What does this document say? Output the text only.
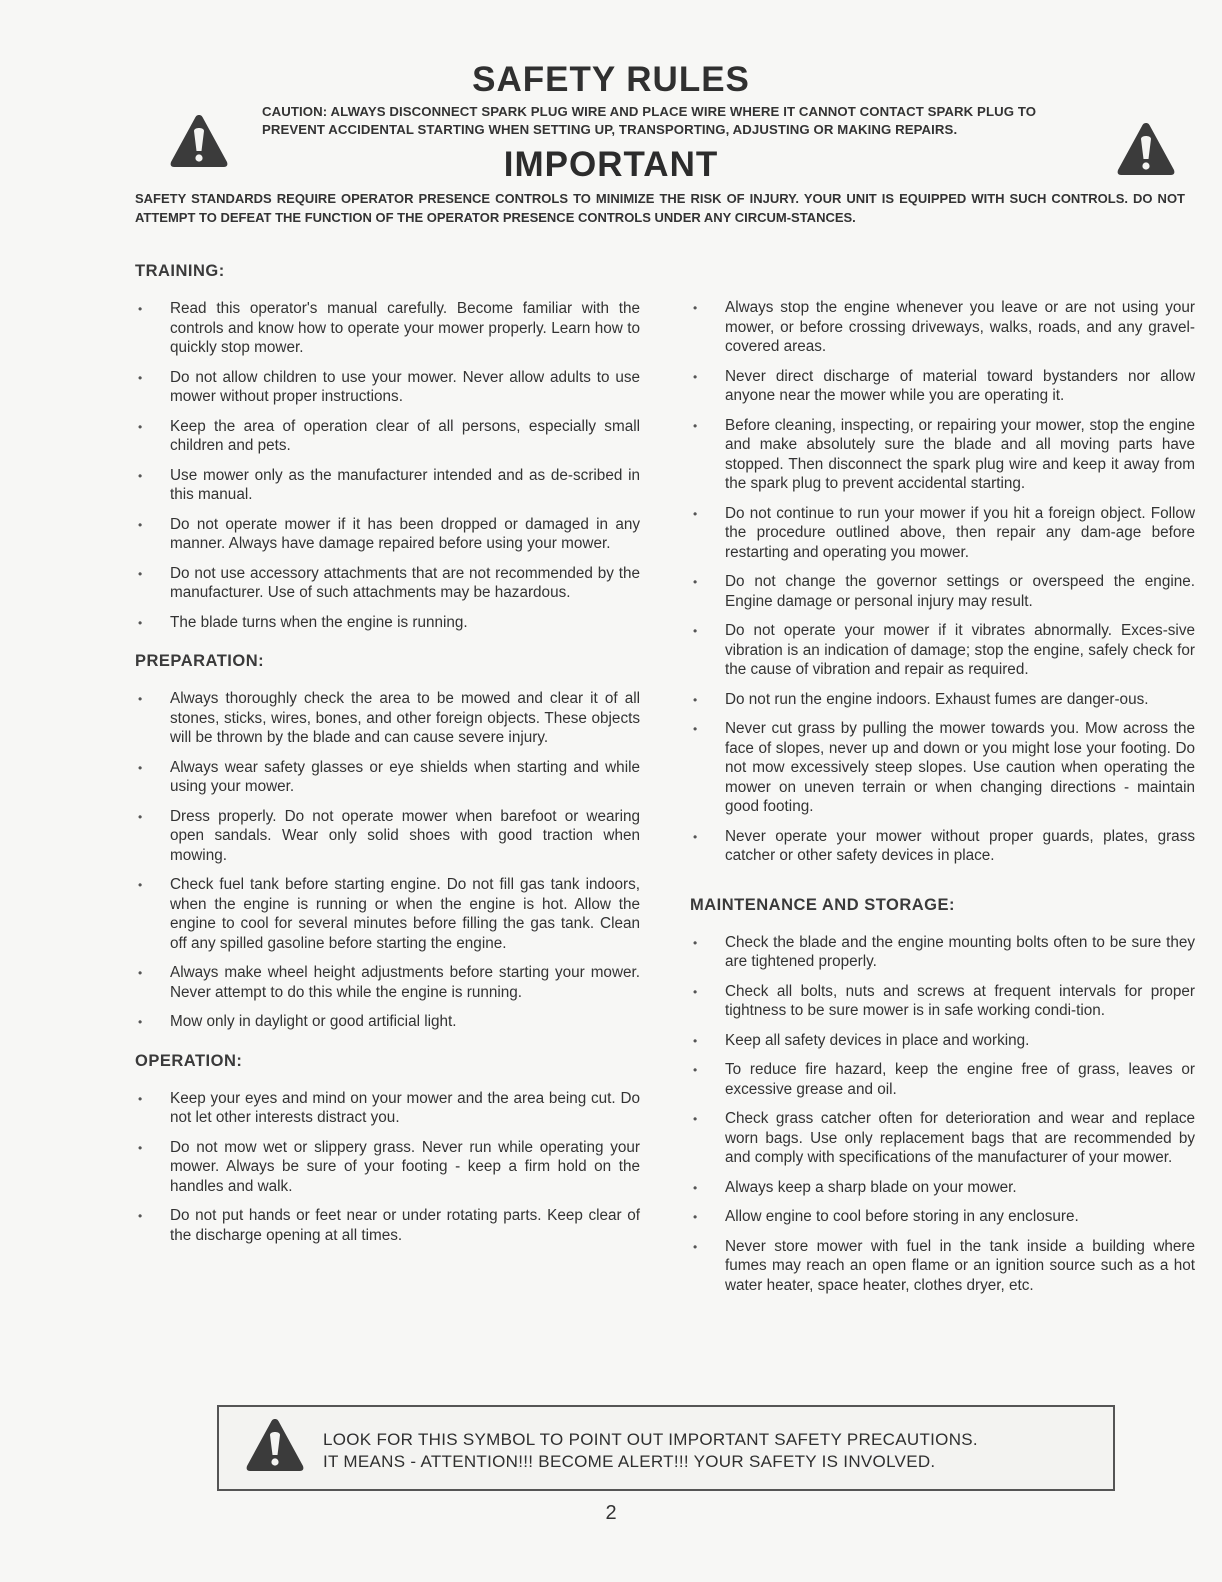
SAFETY RULES

CAUTION: ALWAYS DISCONNECT SPARK PLUG WIRE AND PLACE WIRE WHERE IT CANNOT CONTACT SPARK PLUG TO PREVENT ACCIDENTAL STARTING WHEN SETTING UP, TRANSPORTING, ADJUSTING OR MAKING REPAIRS.

IMPORTANT

SAFETY STANDARDS REQUIRE OPERATOR PRESENCE CONTROLS TO MINIMIZE THE RISK OF INJURY. YOUR UNIT IS EQUIPPED WITH SUCH CONTROLS. DO NOT ATTEMPT TO DEFEAT THE FUNCTION OF THE OPERATOR PRESENCE CONTROLS UNDER ANY CIRCUM-STANCES.

TRAINING:
• Read this operator's manual carefully. Become familiar with the controls and know how to operate your mower properly. Learn how to quickly stop mower.
• Do not allow children to use your mower. Never allow adults to use mower without proper instructions.
• Keep the area of operation clear of all persons, especially small children and pets.
• Use mower only as the manufacturer intended and as de-scribed in this manual.
• Do not operate mower if it has been dropped or damaged in any manner. Always have damage repaired before using your mower.
• Do not use accessory attachments that are not recommended by the manufacturer. Use of such attachments may be hazardous.
• The blade turns when the engine is running.
PREPARATION:
• Always thoroughly check the area to be mowed and clear it of all stones, sticks, wires, bones, and other foreign objects. These objects will be thrown by the blade and can cause severe injury.
• Always wear safety glasses or eye shields when starting and while using your mower.
• Dress properly. Do not operate mower when barefoot or wearing open sandals. Wear only solid shoes with good traction when mowing.
• Check fuel tank before starting engine. Do not fill gas tank indoors, when the engine is running or when the engine is hot. Allow the engine to cool for several minutes before filling the gas tank. Clean off any spilled gasoline before starting the engine.
• Always make wheel height adjustments before starting your mower. Never attempt to do this while the engine is running.
• Mow only in daylight or good artificial light.
OPERATION:
• Keep your eyes and mind on your mower and the area being cut. Do not let other interests distract you.
• Do not mow wet or slippery grass. Never run while operating your mower. Always be sure of your footing - keep a firm hold on the handles and walk.
• Do not put hands or feet near or under rotating parts. Keep clear of the discharge opening at all times.
• Always stop the engine whenever you leave or are not using your mower, or before crossing driveways, walks, roads, and any gravel-covered areas.
• Never direct discharge of material toward bystanders nor allow anyone near the mower while you are operating it.
• Before cleaning, inspecting, or repairing your mower, stop the engine and make absolutely sure the blade and all moving parts have stopped. Then disconnect the spark plug wire and keep it away from the spark plug to prevent accidental starting.
• Do not continue to run your mower if you hit a foreign object. Follow the procedure outlined above, then repair any dam-age before restarting and operating you mower.
• Do not change the governor settings or overspeed the engine. Engine damage or personal injury may result.
• Do not operate your mower if it vibrates abnormally. Exces-sive vibration is an indication of damage; stop the engine, safely check for the cause of vibration and repair as required.
• Do not run the engine indoors. Exhaust fumes are danger-ous.
• Never cut grass by pulling the mower towards you. Mow across the face of slopes, never up and down or you might lose your footing. Do not mow excessively steep slopes. Use caution when operating the mower on uneven terrain or when changing directions - maintain good footing.
• Never operate your mower without proper guards, plates, grass catcher or other safety devices in place.
MAINTENANCE AND STORAGE:
• Check the blade and the engine mounting bolts often to be sure they are tightened properly.
• Check all bolts, nuts and screws at frequent intervals for proper tightness to be sure mower is in safe working condi-tion.
• Keep all safety devices in place and working.
• To reduce fire hazard, keep the engine free of grass, leaves or excessive grease and oil.
• Check grass catcher often for deterioration and wear and replace worn bags. Use only replacement bags that are recommended by and comply with specifications of the manufacturer of your mower.
• Always keep a sharp blade on your mower.
• Allow engine to cool before storing in any enclosure.
• Never store mower with fuel in the tank inside a building where fumes may reach an open flame or an ignition source such as a hot water heater, space heater, clothes dryer, etc.
LOOK FOR THIS SYMBOL TO POINT OUT IMPORTANT SAFETY PRECAUTIONS.
IT MEANS - ATTENTION!!! BECOME ALERT!!! YOUR SAFETY IS INVOLVED.
2
